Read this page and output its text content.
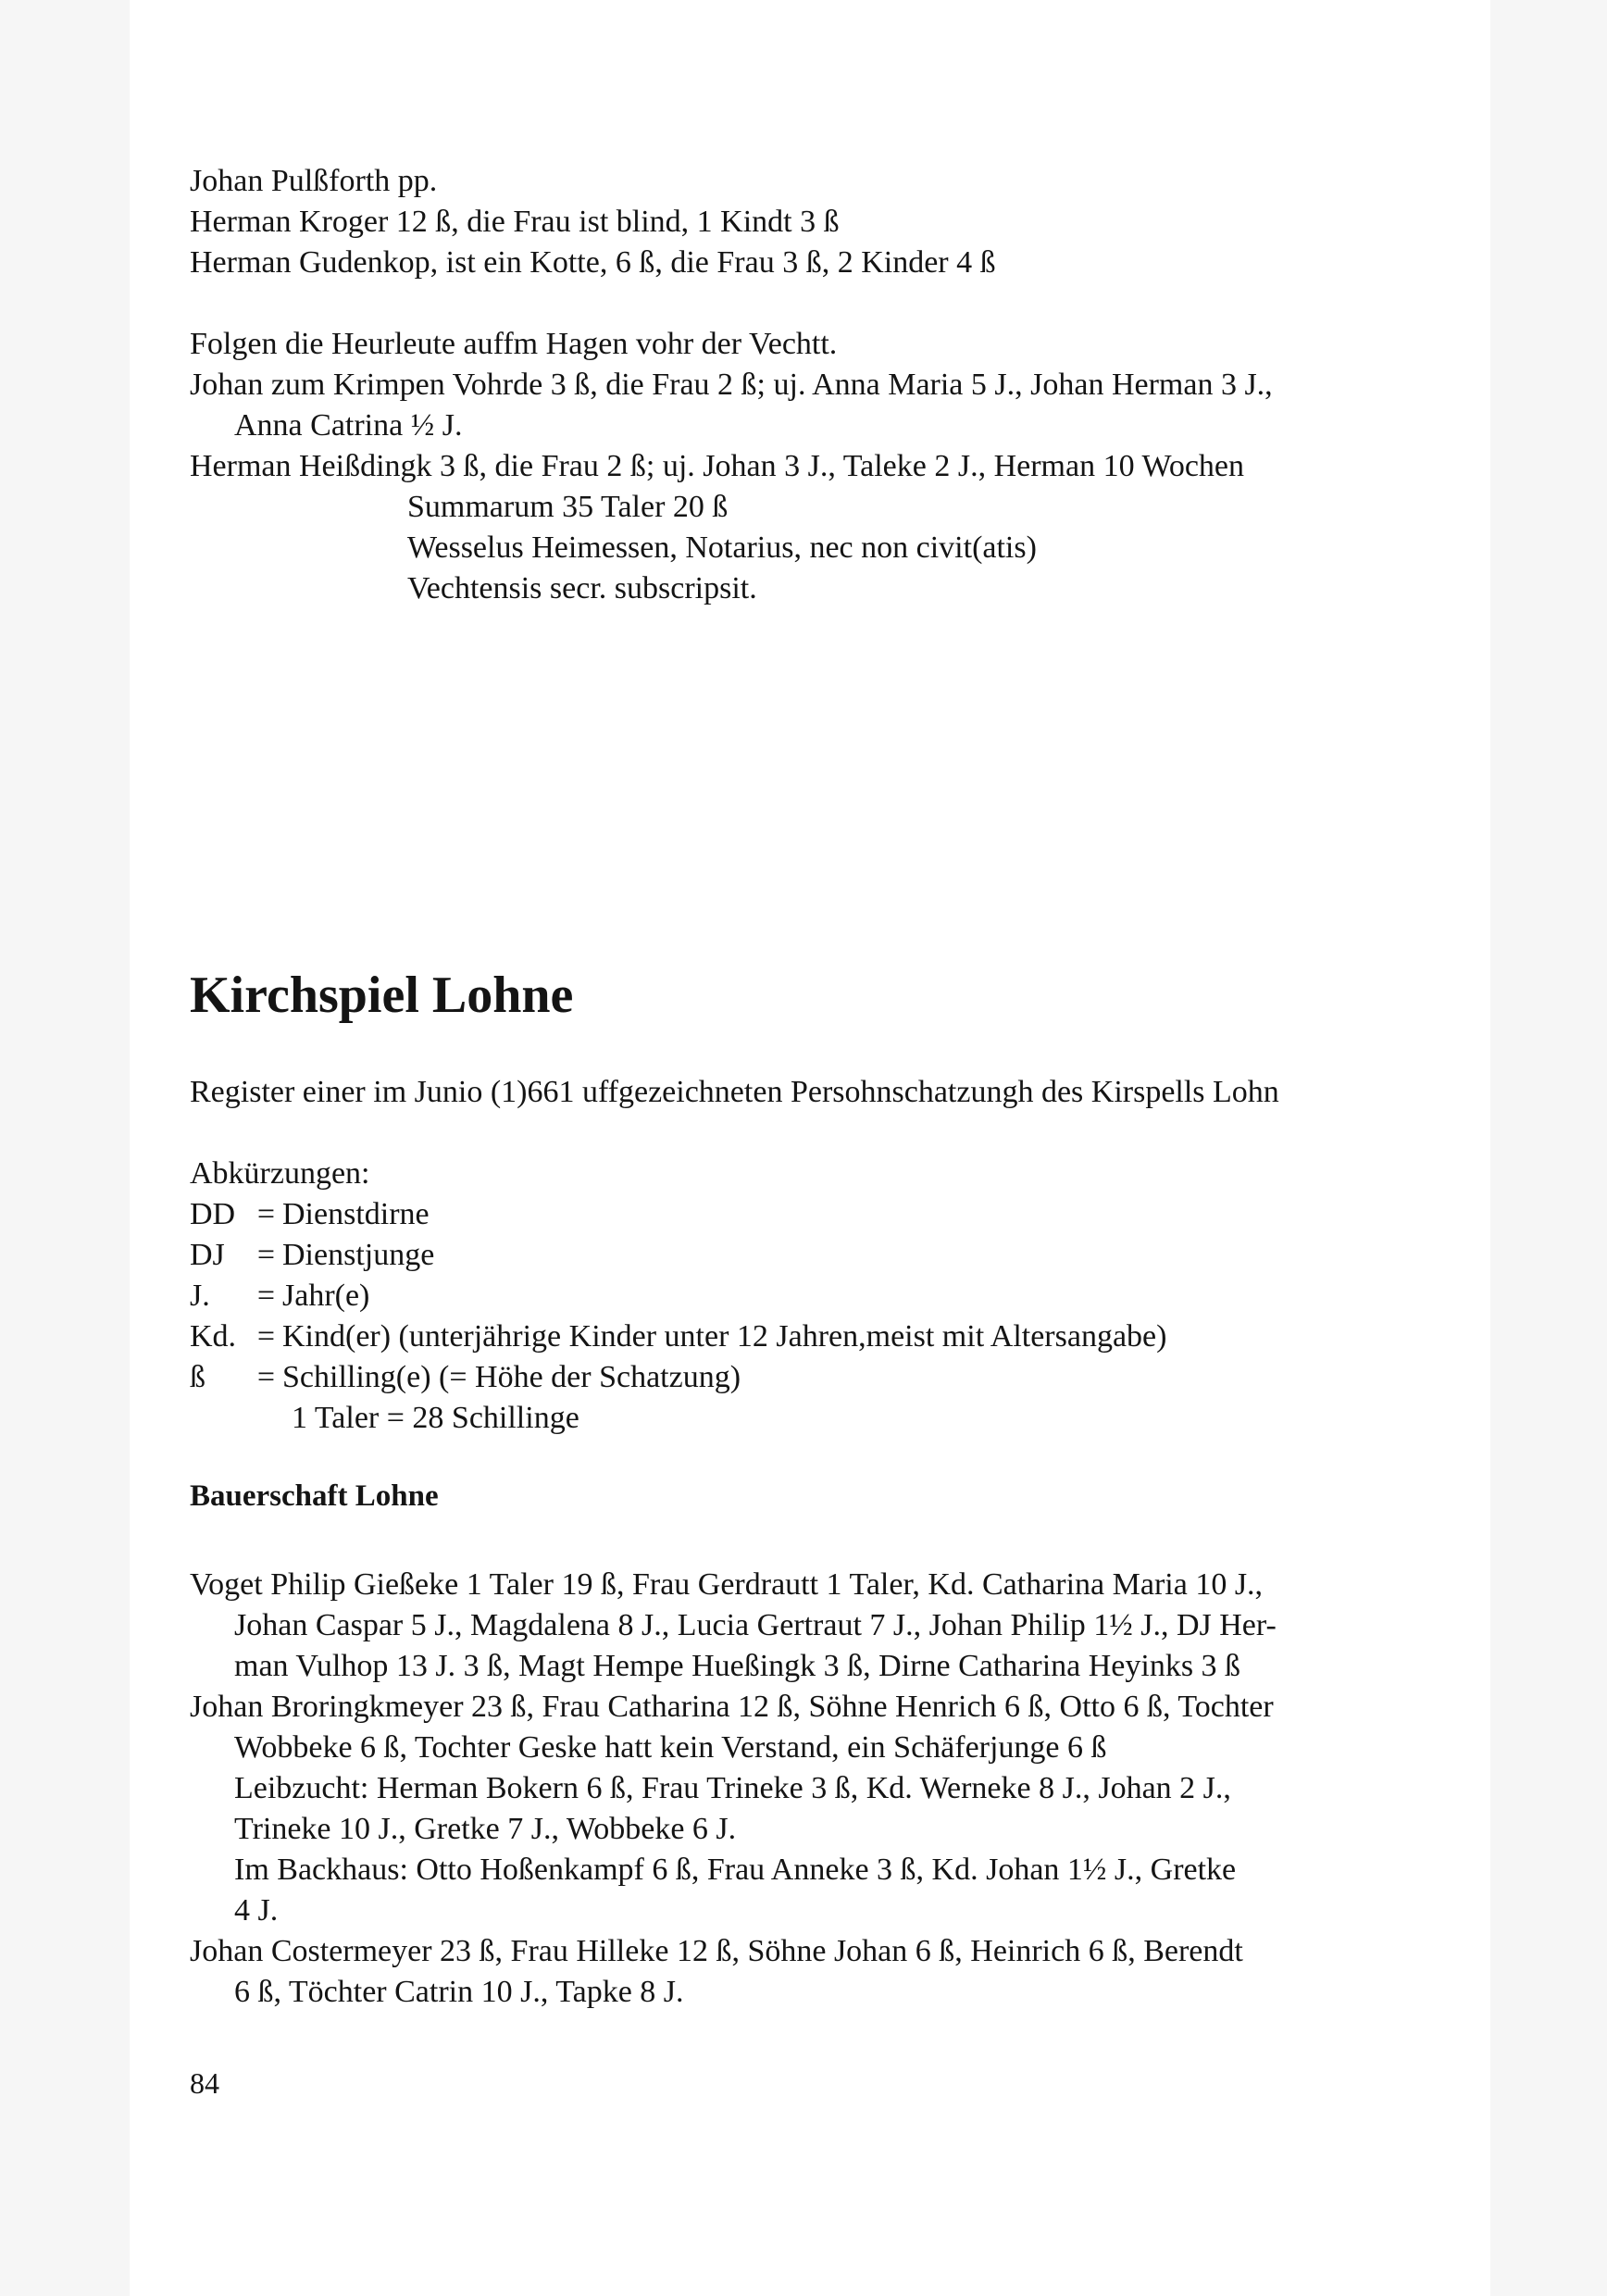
Johan Pulßforth pp.
Herman Kroger 12 ß, die Frau ist blind, 1 Kindt 3 ß
Herman Gudenkop, ist ein Kotte, 6 ß, die Frau 3 ß, 2 Kinder 4 ß
Folgen die Heurleute auffm Hagen vohr der Vechtt.
Johan zum Krimpen Vohrde 3 ß, die Frau 2 ß; uj. Anna Maria 5 J., Johan Herman 3 J.,
Anna Catrina ½ J.
Herman Heißdingk 3 ß, die Frau 2 ß; uj. Johan 3 J., Taleke 2 J., Herman 10 Wochen
Summarum 35 Taler 20 ß
Wesselus Heimessen, Notarius, nec non civit(atis)
Vechtensis secr. subscripsit.
Kirchspiel Lohne
Register einer im Junio (1)661 uffgezeichneten Persohnschatzungh des Kirspells Lohn
Abkürzungen:
DD = Dienstdirne
DJ	= Dienstjunge
J.	= Jahr(e)
Kd. = Kind(er) (unterjährige Kinder unter 12 Jahren,meist mit Altersangabe)
ß	= Schilling(e) (= Höhe der Schatzung)
1 Taler = 28 Schillinge
Bauerschaft Lohne
Voget Philip Gießeke 1 Taler 19 ß, Frau Gerdrautt 1 Taler, Kd. Catharina Maria 10 J.,
Johan Caspar 5 J., Magdalena 8 J., Lucia Gertraut 7 J., Johan Philip 1½ J., DJ Her-
man Vulhop 13 J. 3 ß, Magt Hempe Hueßingk 3 ß, Dirne Catharina Heyinks 3 ß
Johan Broringkmeyer 23 ß, Frau Catharina 12 ß, Söhne Henrich 6 ß, Otto 6 ß, Tochter
Wobbeke 6 ß, Tochter Geske hatt kein Verstand, ein Schäferjunge 6 ß
Leibzucht: Herman Bokern 6 ß, Frau Trineke 3 ß, Kd. Werneke 8 J., Johan 2 J.,
Trineke 10 J., Gretke 7 J., Wobbeke 6 J.
Im Backhaus: Otto Hoßenkampf 6 ß, Frau Anneke 3 ß, Kd. Johan 1½ J., Gretke
4 J.
Johan Costermeyer 23 ß, Frau Hilleke 12 ß, Söhne Johan 6 ß, Heinrich 6 ß, Berendt
6 ß, Töchter Catrin 10 J., Tapke 8 J.
84
